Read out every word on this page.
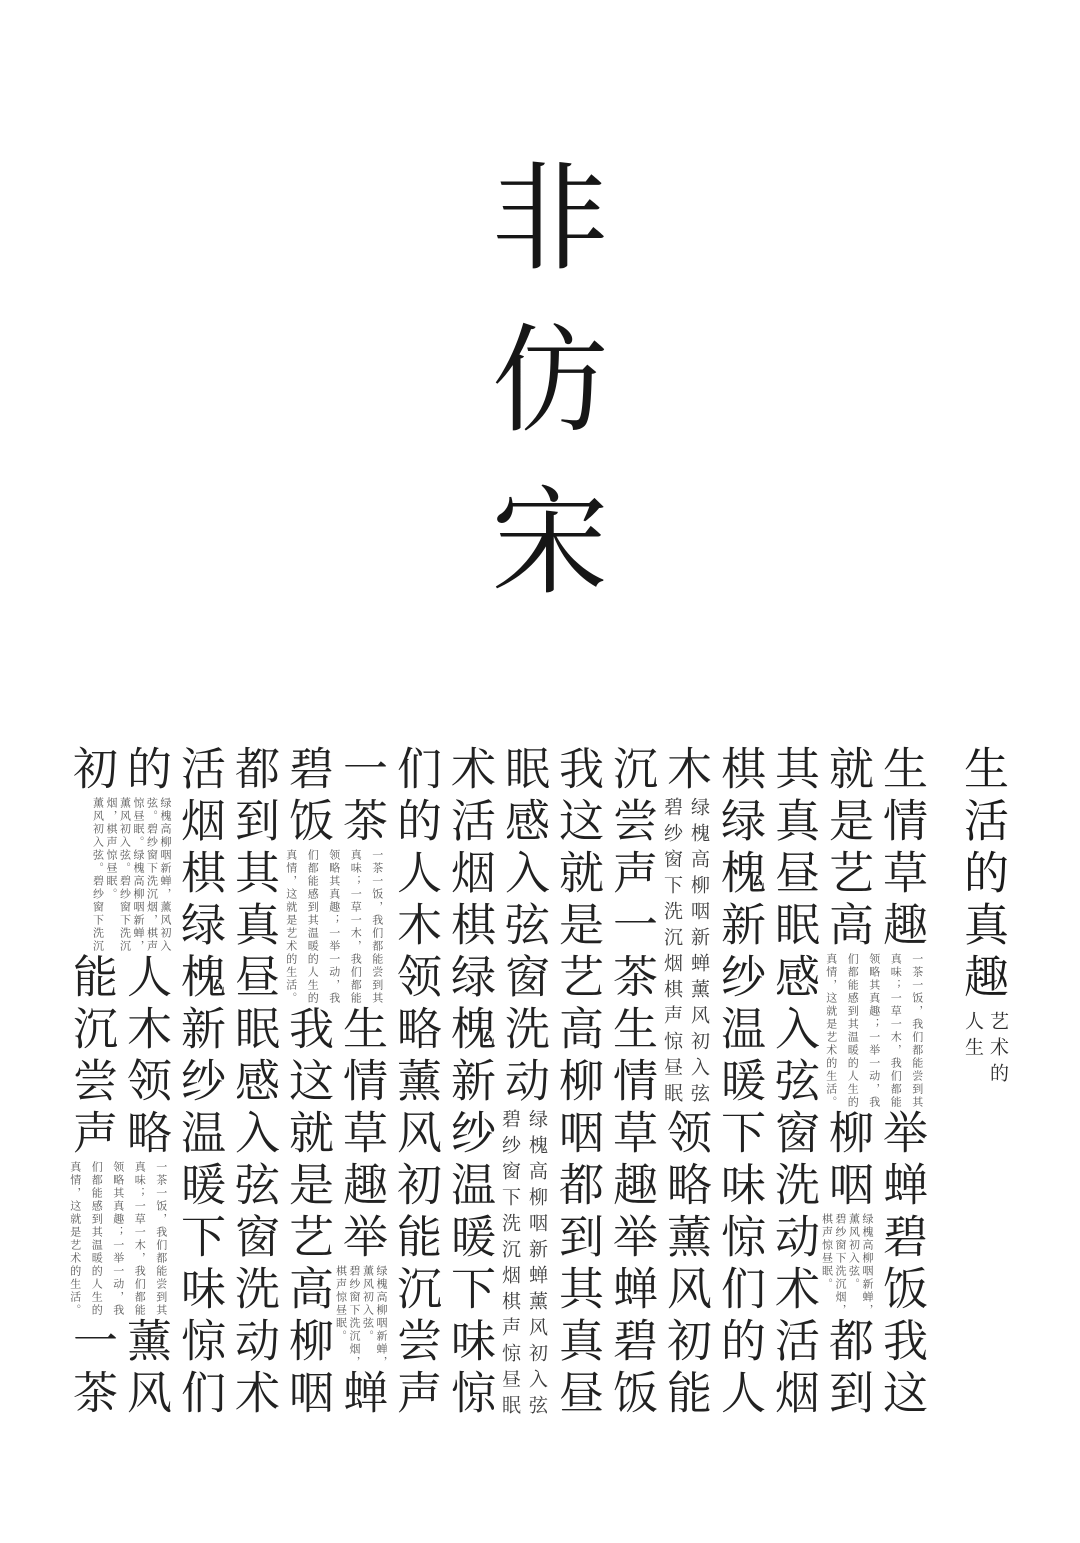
非仿宋
生活的真趣
艺术的
人生
生情草趣
举蝉碧饭我这
就是艺高
柳咽
绿槐高柳咽新蝉，
薰风初入弦。
碧纱窗下洗沉烟，
棋声惊昼眠。
都到
其真昼眠感入弦窗洗动术活烟
棋绿槐新纱温暖下味惊们的人
木
绿槐高柳咽新蝉薰风初入弦
碧纱窗下洗沉烟棋声惊昼眠
领略薰风初能
沉尝声一茶生情草趣举蝉碧饭
我这就是艺高柳咽都到其真昼
眠感入弦窗洗动
绿槐高柳咽新蝉薰风初入弦
碧纱窗下洗沉烟棋声惊昼眠
术活烟棋绿槐新纱温暖下味惊
们的人木领略薰风初能沉尝声
一茶
生情草趣举
绿槐高柳咽新蝉，
薰风初入弦。
碧纱窗下洗沉烟，
棋声惊昼眠。
蝉
碧饭
我这就是艺高柳咽
都到其真昼眠感入弦窗洗动术
活烟棋绿槐新纱温暖下味惊们
的
绿槐高柳咽新蝉，薰风初入
弦。碧纱窗下洗沉烟，棋声
惊昼眠。绿槐高柳咽新蝉，
薰风初入弦。碧纱窗下洗沉
人木领略
薰风
初
烟，棋声惊昼眠。
薰风初入弦。碧纱窗下洗沉
能沉尝声
一茶
一茶一饭，我们都能尝到其
真味；一草一木，我们都能
领略其真趣；一举一动，我
们都能感到其温暖的人生的
真情，这就是艺术的生活。
一茶一饭，我们都能尝到其
真味；一草一木，我们都能
领略其真趣；一举一动，我
们都能感到其温暖的人生的
真情，这就是艺术的生活。
一茶一饭，我们都能尝到其
真味；一草一木，我们都能
领略其真趣；一举一动，我
们都能感到其温暖的人生的
真情，这就是艺术的生活。
